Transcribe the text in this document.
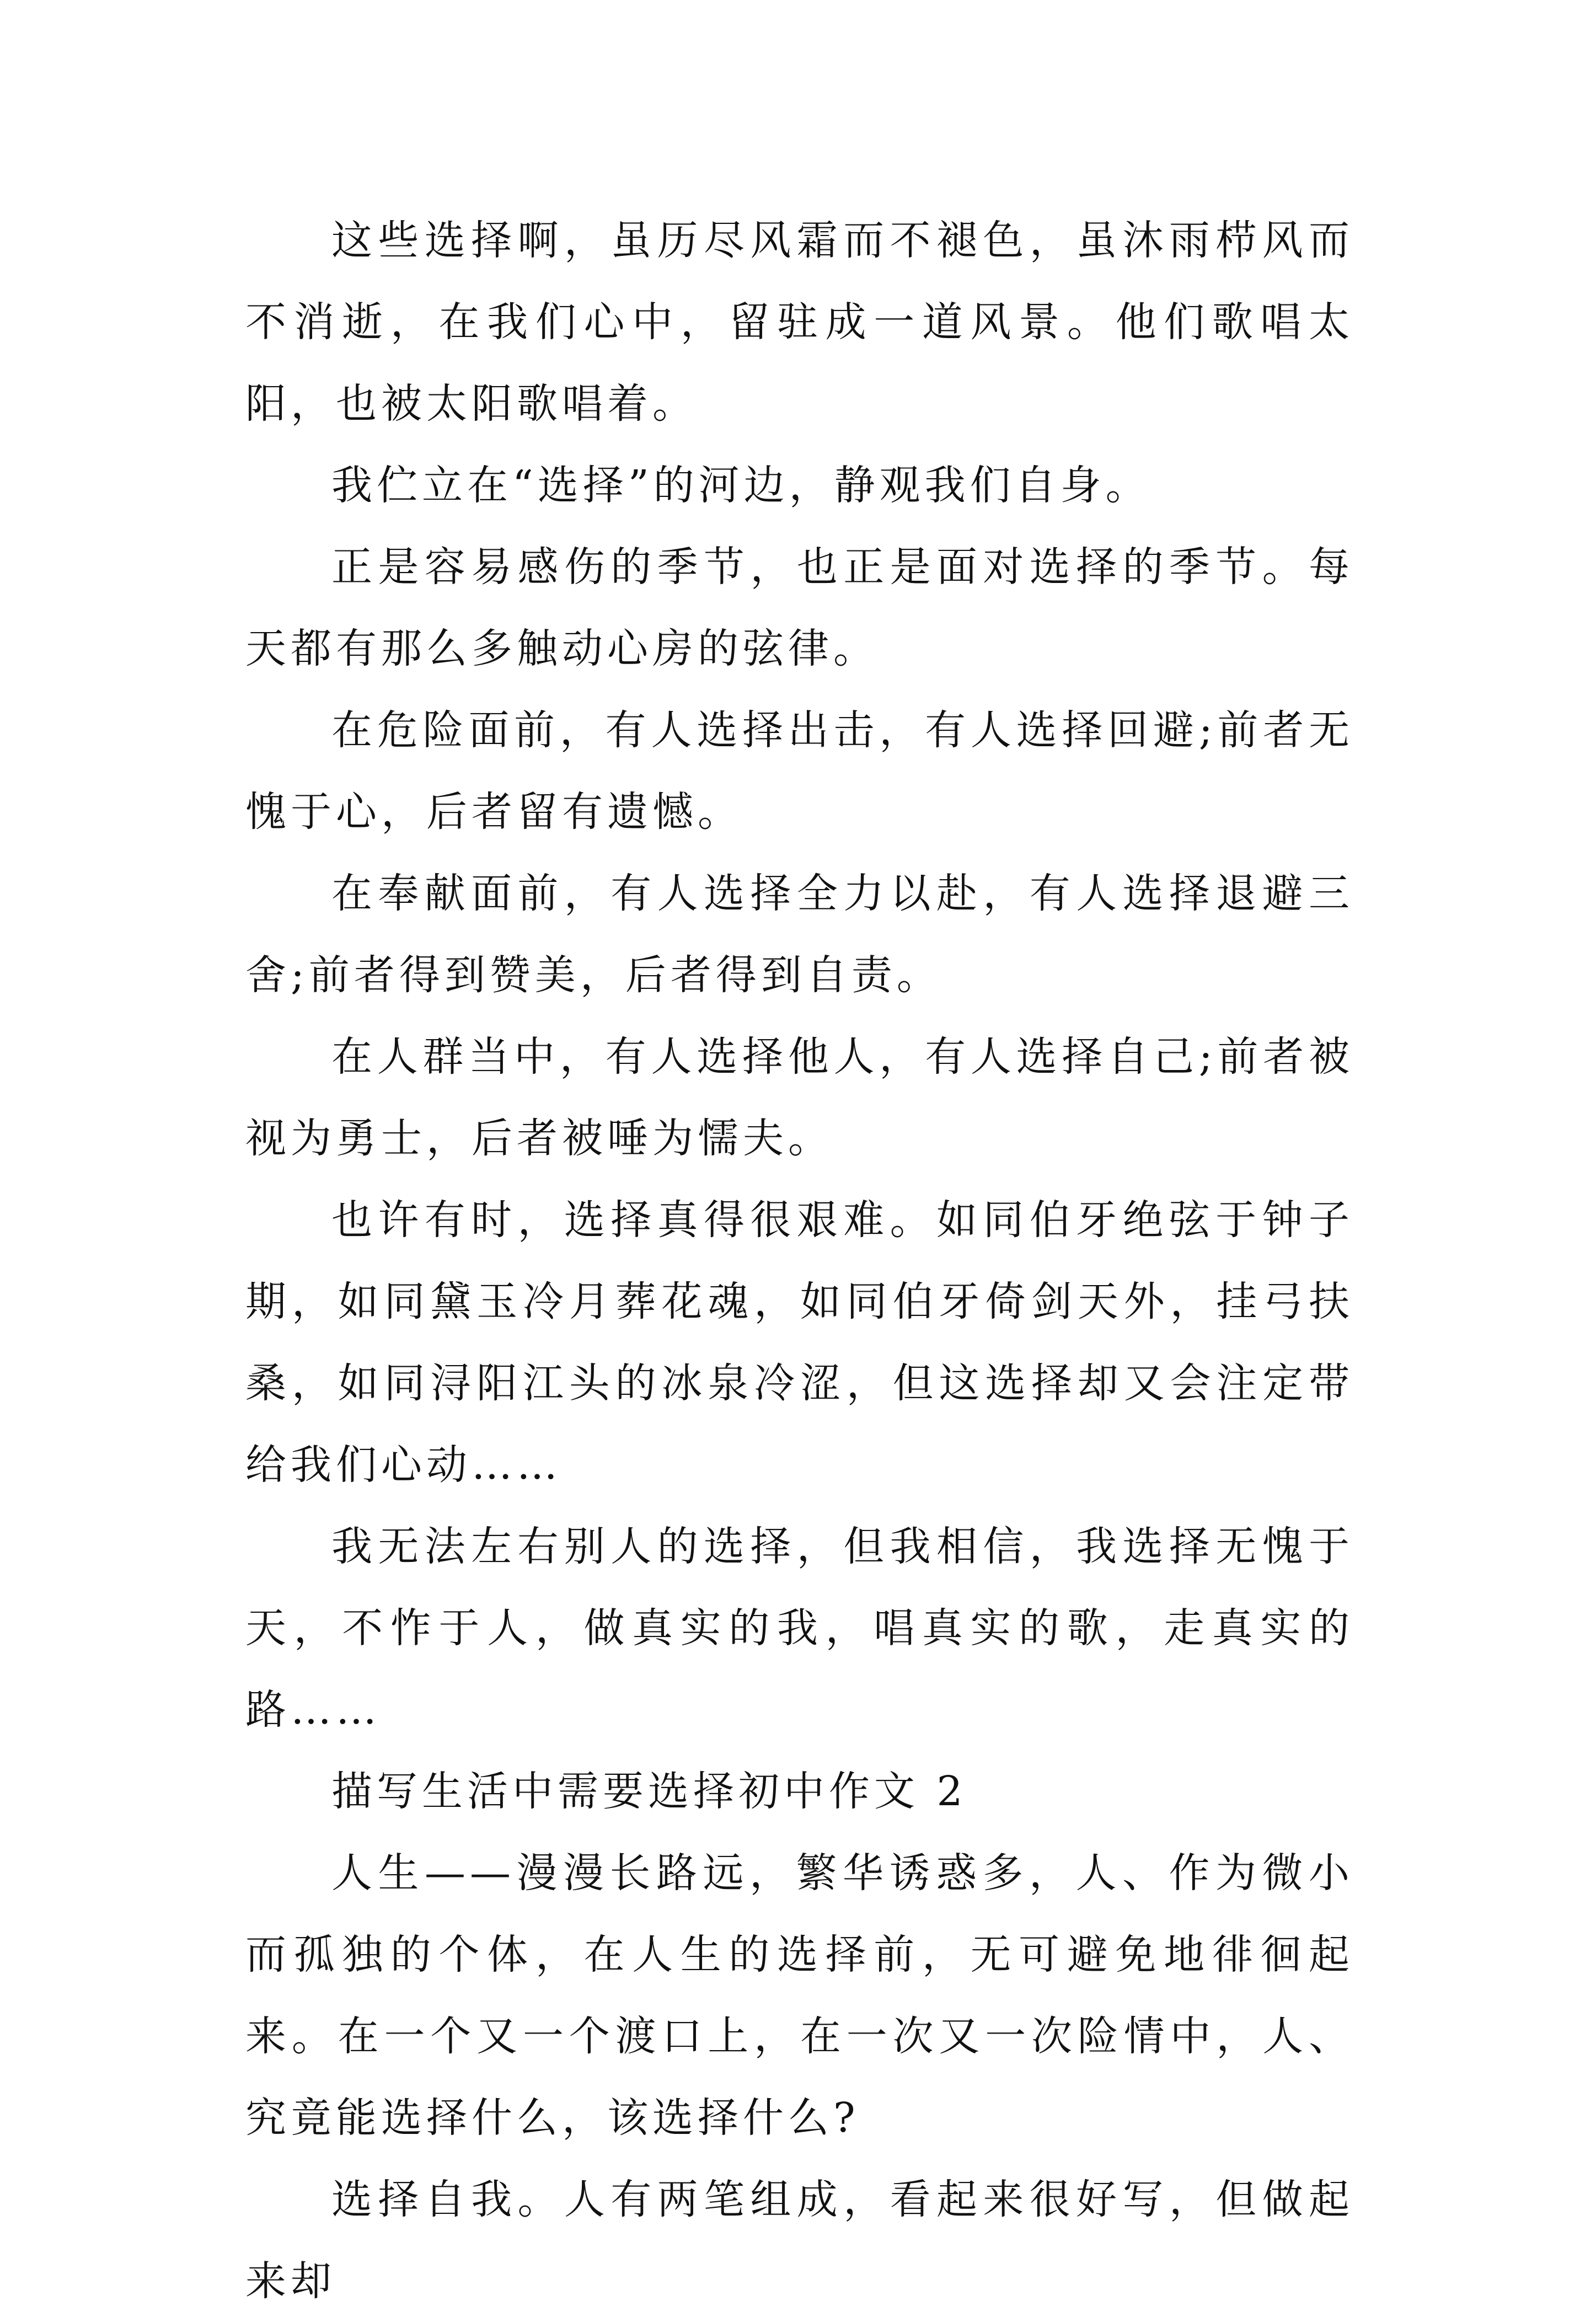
这些选择啊，虽历尽风霜而不褪色，虽沐雨栉风而不消逝，在我们心中，留驻成一道风景。他们歌唱太阳，也被太阳歌唱着。

我伫立在“选择”的河边，静观我们自身。

正是容易感伤的季节，也正是面对选择的季节。每天都有那么多触动心房的弦律。

在危险面前，有人选择出击，有人选择回避;前者无愧于心，后者留有遗憾。

在奉献面前，有人选择全力以赴，有人选择退避三舍;前者得到赞美，后者得到自责。

在人群当中，有人选择他人，有人选择自己;前者被视为勇士，后者被唾为懦夫。

也许有时，选择真得很艰难。如同伯牙绝弦于钟子期，如同黛玉冷月葬花魂，如同伯牙倚剑天外，挂弓扶桑，如同浔阳江头的冰泉冷涩，但这选择却又会注定带给我们心动……

我无法左右别人的选择，但我相信，我选择无愧于天，不怍于人，做真实的我，唱真实的歌，走真实的路……

描写生活中需要选择初中作文 2

人生——漫漫长路远，繁华诱惑多，人、作为微小而孤独的个体，在人生的选择前，无可避免地徘徊起来。在一个又一个渡口上，在一次又一次险情中，人、究竟能选择什么，该选择什么?

选择自我。人有两笔组成，看起来很好写，但做起来却
